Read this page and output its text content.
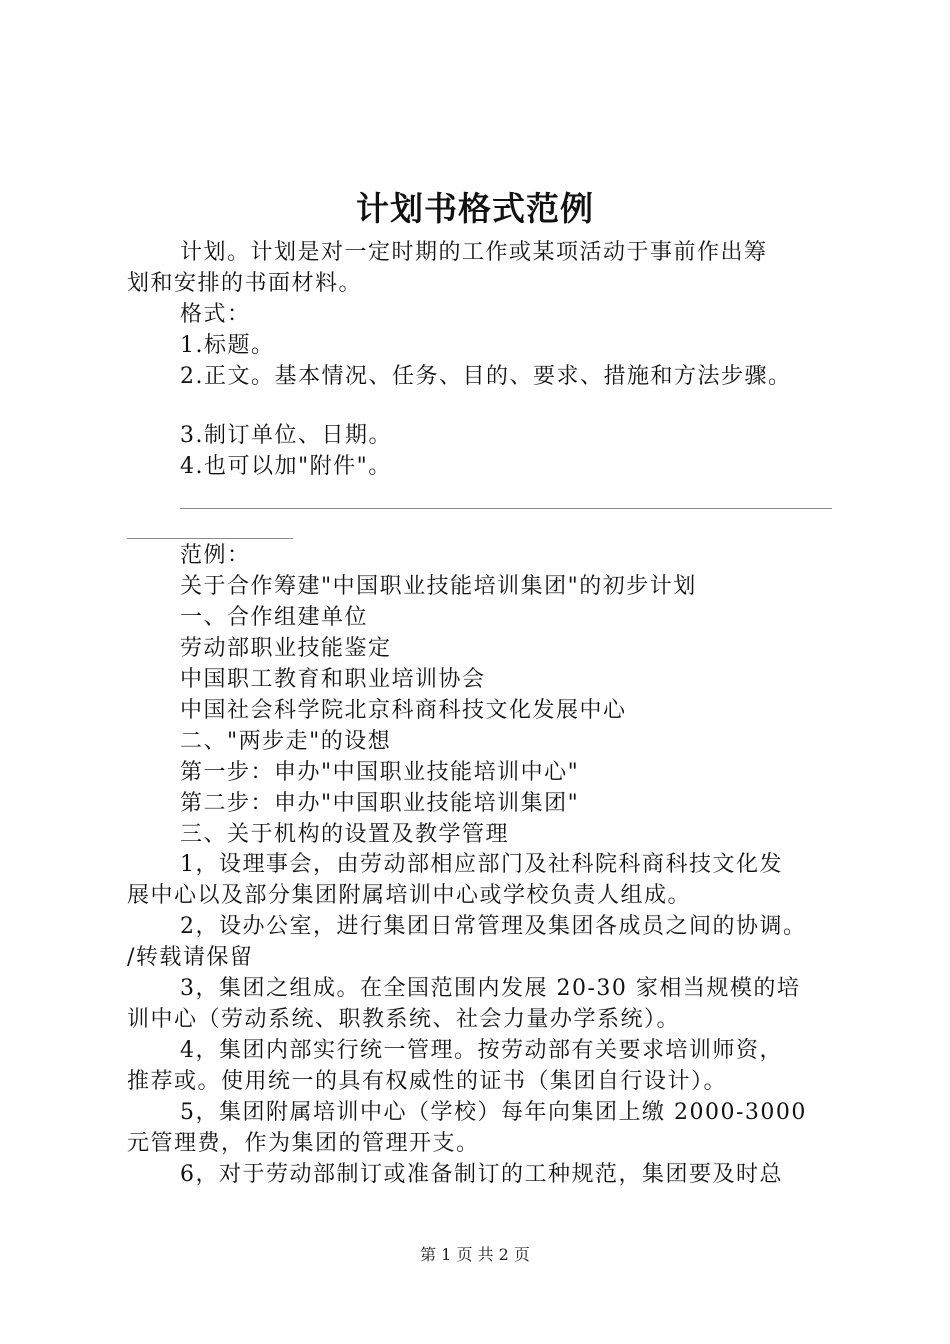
计划书格式范例
计划。计划是对一定时期的工作或某项活动于事前作出筹
划和安排的书面材料。
格式：
1.标题。
2.正文。基本情况、任务、目的、要求、措施和方法步骤。
3.制订单位、日期。
4.也可以加"附件"。
范例：
关于合作筹建"中国职业技能培训集团"的初步计划
一、合作组建单位
劳动部职业技能鉴定
中国职工教育和职业培训协会
中国社会科学院北京科商科技文化发展中心
二、"两步走"的设想
第一步：申办"中国职业技能培训中心"
第二步：申办"中国职业技能培训集团"
三、关于机构的设置及教学管理
1，设理事会，由劳动部相应部门及社科院科商科技文化发
展中心以及部分集团附属培训中心或学校负责人组成。
2，设办公室，进行集团日常管理及集团各成员之间的协调。
/转载请保留
3，集团之组成。在全国范围内发展 20-30 家相当规模的培
训中心（劳动系统、职教系统、社会力量办学系统）。
4，集团内部实行统一管理。按劳动部有关要求培训师资，
推荐或。使用统一的具有权威性的证书（集团自行设计）。
5，集团附属培训中心（学校）每年向集团上缴 2000-3000
元管理费，作为集团的管理开支。
6，对于劳动部制订或准备制订的工种规范，集团要及时总
第 1 页 共 2 页
